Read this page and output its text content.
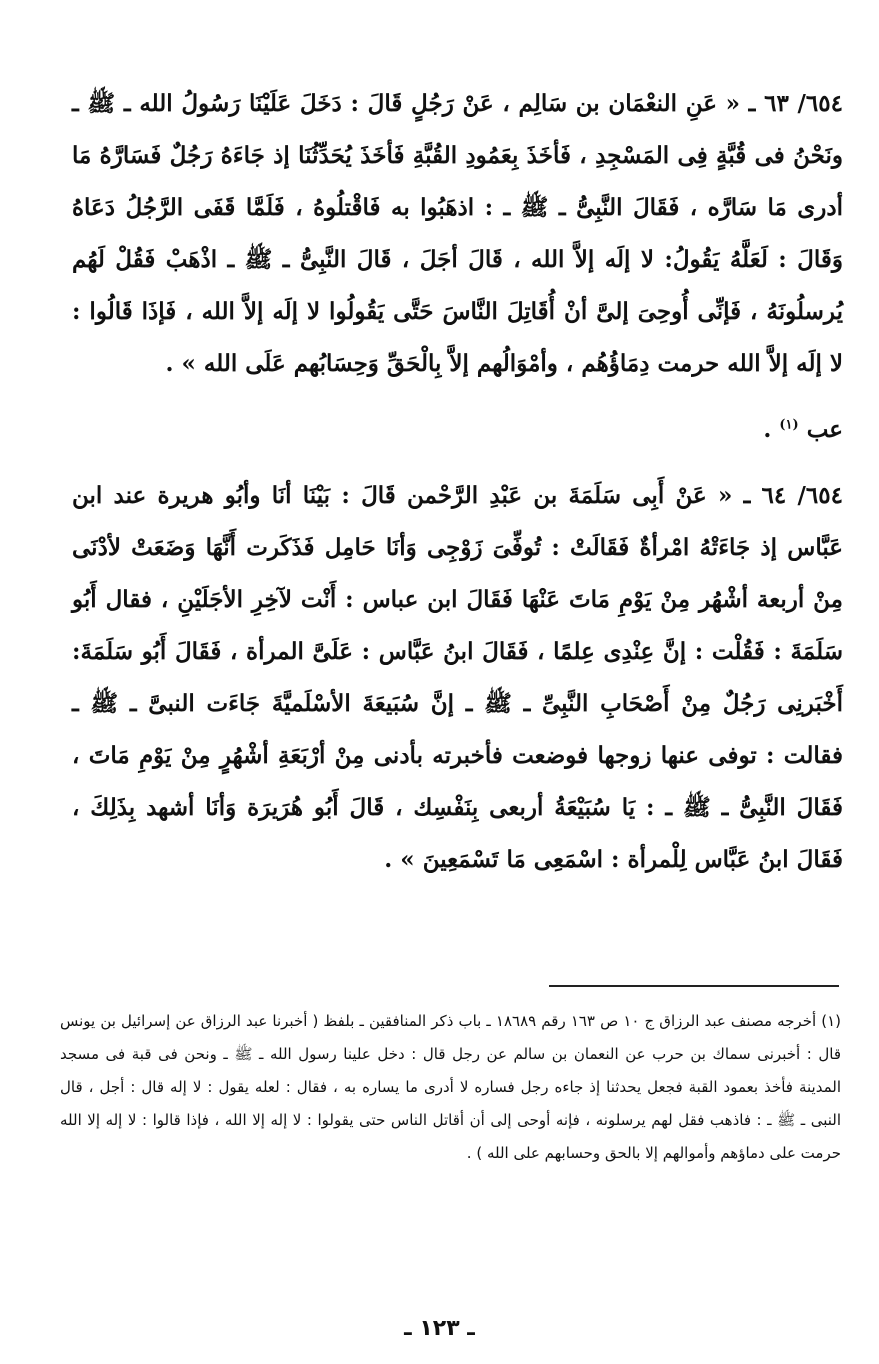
٦٥٤/ ٦٣ ـ « عَنِ النعْمَان بن سَالِم ، عَنْ رَجُلٍ قَالَ : دَخَلَ عَلَيْنَا رَسُولُ الله ـ ﷺ ـ ونَحْنُ فى قُبَّةٍ فِى المَسْجِدِ ، فَأخَذَ بِعَمُودِ القُبَّةِ فَأخَذَ يُحَدِّثُنَا إذ جَاءَهُ رَجُلٌ فَسَارَّهُ مَا أدرى مَا سَارَّه ، فَقَالَ النَّبِىُّ ـ ﷺ ـ : اذهَبُوا به فَاقْتلُوهُ ، فَلَمَّا قَفَى الرَّجُلُ دَعَاهُ وَقَالَ : لَعَلَّهُ يَقُولُ: لا إلَه إلاَّ الله ، قَالَ أجَلَ ، قَالَ النَّبِىُّ ـ ﷺ ـ اذْهَبْ فَقُلْ لَهُم يُرسلُونَهُ ، فَإنِّى أُوحِىَ إلىَّ أنْ أُقَاتِلَ النَّاسَ حَتَّى يَقُولُوا لا إلَه إلاَّ الله ، فَإذَا قَالُوا : لا إلَه إلاَّ الله حرمت دِمَاؤُهُم ، وأمْوَالُهم إلاَّ بِالْحَقِّ وَحِسَابُهم عَلَى الله » .

عب $^{(١)}$ .

٦٥٤/ ٦٤ ـ « عَنْ أَبِى سَلَمَةَ بن عَبْدِ الرَّحْمن قَالَ : بَيْنَا أنَا وأبُو هريرة عند ابن عَبَّاس إذ جَاءَتْهُ امْرأةٌ فَقَالَتْ : تُوفِّىَ زَوْجِى وَأنَا حَامِل فَذَكَرت أَنَّهَا وَضَعَتْ لأدْنَى مِنْ أربعة أشْهُر مِنْ يَوْمِ مَاتَ عَنْهَا فَقَالَ ابن عباس : أَنْت لآخِرِ الأجَلَيْنِ ، فقال أَبُو سَلَمَةَ : فَقُلْت : إنَّ عِنْدِى عِلمًا ، فَقَالَ ابنُ عَبَّاس : عَلَىَّ المرأة ، فَقَالَ أَبُو سَلَمَةَ: أَخْبَرنِى رَجُلٌ مِنْ أَصْحَابِ النَّبِىِّ ـ ﷺ ـ إنَّ سُبَيعَةَ الأسْلَميَّةَ جَاءَت النبىَّ ـ ﷺ ـ فقالت : توفى عنها زوجها فوضعت فأخبرته بأدنى مِنْ أرْبَعَةِ أشْهُرٍ مِنْ يَوْمِ مَاتَ ، فَقَالَ النَّبِىُّ ـ ﷺ ـ : يَا سُبَيْعَةُ أربعى بِنَفْسِك ، قَالَ أَبُو هُرَيرَة وَأنَا أشهد بِذَلِكَ ، فَقَالَ ابنُ عَبَّاس لِلْمرأة : اسْمَعِى مَا تَسْمَعِينَ » .

(١) أخرجه مصنف عبد الرزاق ج ١٠ ص ١٦٣ رقم ١٨٦٨٩ ـ باب ذكر المنافقين ـ بلفظ ( أخبرنا عبد الرزاق عن إسرائيل بن يونس قال : أخبرنى سماك بن حرب عن النعمان بن سالم عن رجل قال : دخل علينا رسول الله ـ ﷺ ـ ونحن فى قبة فى مسجد المدينة فأخذ بعمود القبة فجعل يحدثنا إذ جاءه رجل فساره لا أدرى ما يساره به ، فقال : لعله يقول : لا إله قال : أجل ، قال النبى ـ ﷺ ـ : فاذهب فقل لهم يرسلونه ، فإنه أوحى إلى أن أقاتل الناس حتى يقولوا : لا إله إلا الله ، فإذا قالوا : لا إله إلا الله حرمت على دماؤهم وأموالهم إلا بالحق وحسابهم على الله ) .

ـ ١٢٣ ـ
